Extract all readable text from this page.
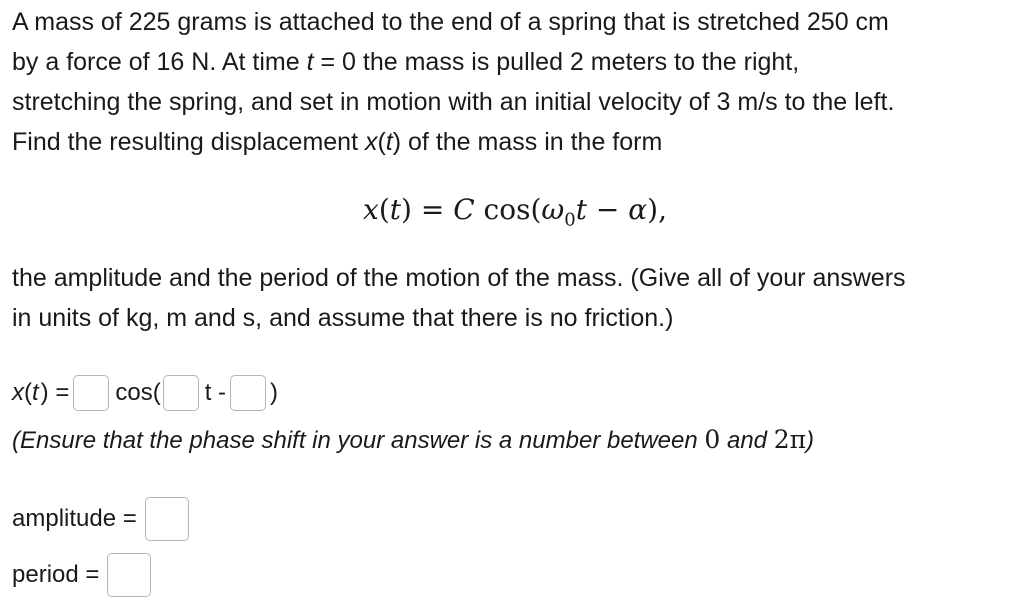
A mass of 225 grams is attached to the end of a spring that is stretched 250 cm

by a force of 16 N. At time t = 0 the mass is pulled 2 meters to the right,

stretching the spring, and set in motion with an initial velocity of 3 m/s to the left.

Find the resulting displacement x(t) of the mass in the form

x(t) = C $\cos(\omega_0t - \alpha)$,

the amplitude and the period of the motion of the mass. (Give all of your answers

in units of kg, m and s, and assume that there is no friction.)

x ( t ) = cos( t - )
(Ensure that the phase shift in your answer is a number between 0 and 2π)
amplitude =
period =
